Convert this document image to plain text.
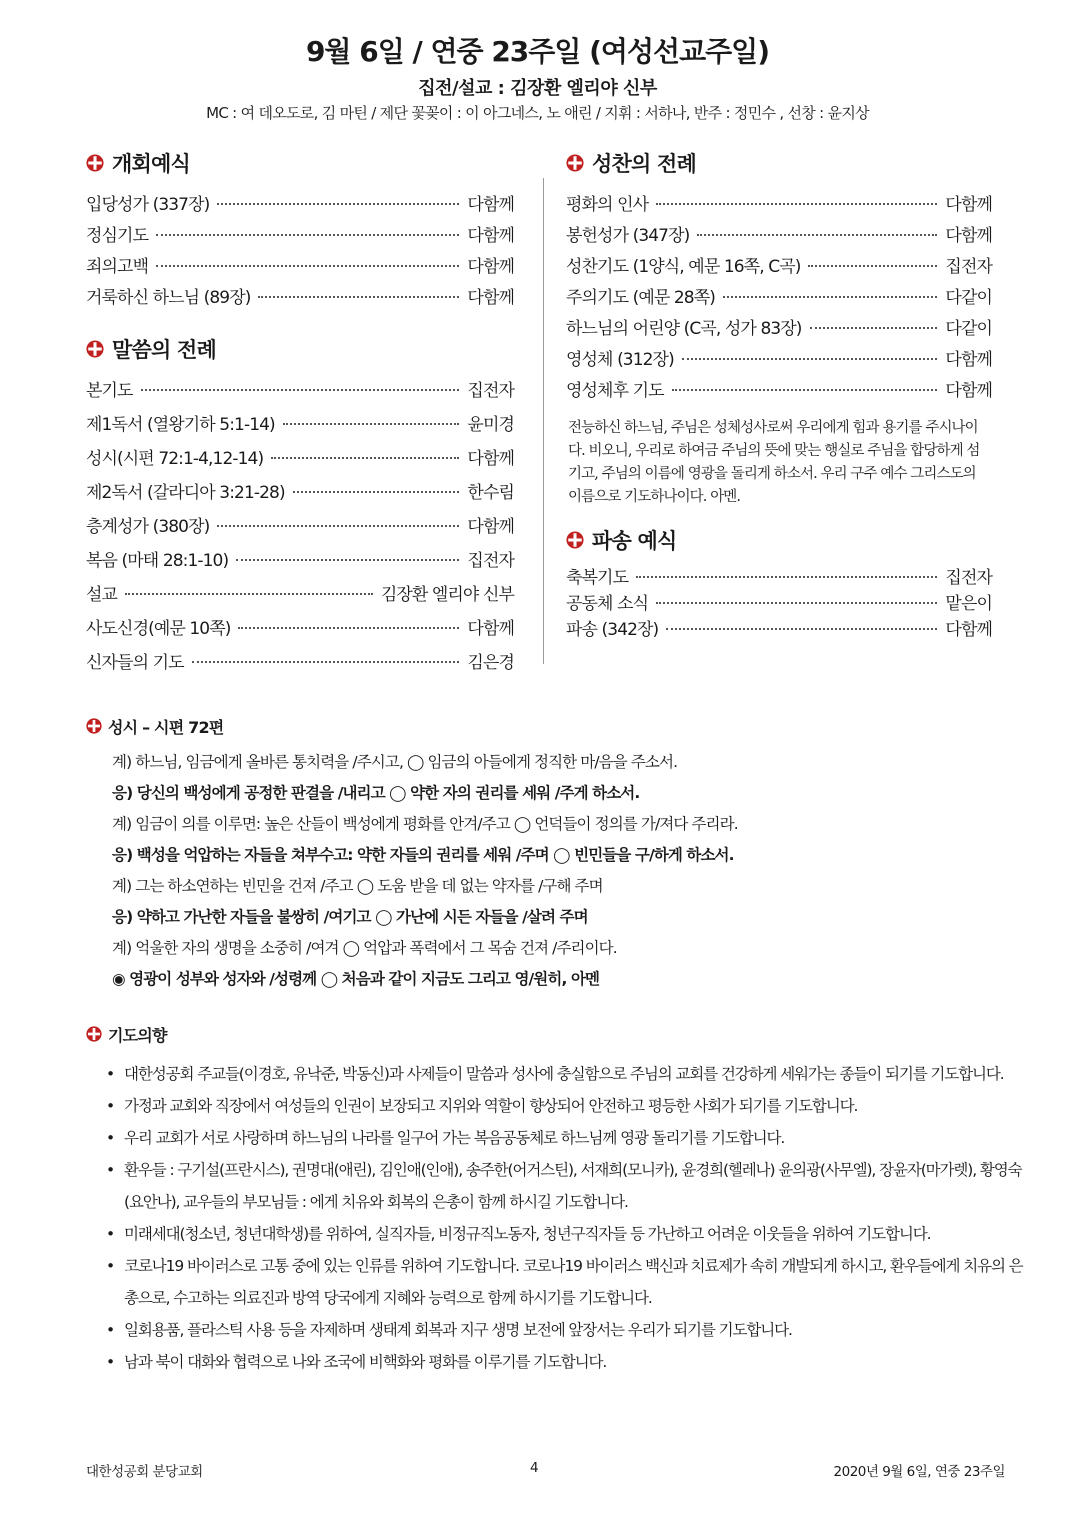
9월 6일 / 연중 23주일 (여성선교주일)
집전/설교 : 김장환 엘리야 신부
MC : 여 데오도로, 김 마틴 / 제단 꽃꽂이 : 이 아그네스, 노 애린 / 지휘 : 서하나, 반주 : 정민수 , 선창 : 윤지상
개회예식
입당성가 (337장)	다함께
정심기도	다함께
죄의고백	다함께
거룩하신 하느님 (89장)	다함께
말씀의 전례
본기도	집전자
제1독서 (열왕기하 5:1-14)	윤미경
성시(시편 72:1-4,12-14)	다함께
제2독서 (갈라디아 3:21-28)	한수림
층계성가 (380장)	다함께
복음 (마태 28:1-10)	집전자
설교	김장환 엘리야 신부
사도신경(예문 10쪽)	다함께
신자들의 기도	김은경
성찬의 전례
평화의 인사	다함께
봉헌성가 (347장)	다함께
성찬기도 (1양식, 예문 16쪽, C곡)	집전자
주의기도 (예문 28쪽)	다같이
하느님의 어린양 (C곡, 성가 83장)	다같이
영성체 (312장)	다함께
영성체후 기도	다함께
전능하신 하느님, 주님은 성체성사로써 우리에게 힘과 용기를 주시나이다. 비오니, 우리로 하여금 주님의 뜻에 맞는 행실로 주님을 합당하게 섬기고, 주님의 이름에 영광을 돌리게 하소서. 우리 구주 예수 그리스도의 이름으로 기도하나이다. 아멘.
파송 예식
축복기도	집전자
공동체 소식	맡은이
파송 (342장)	다함께
성시 – 시편 72편
계) 하느님, 임금에게 올바른 통치력을 /주시고, ◯ 임금의 아들에게 정직한 마/음을 주소서.
응) 당신의 백성에게 공정한 판결을 /내리고 ◯ 약한 자의 권리를 세워 /주게 하소서.
계) 임금이 의를 이루면: 높은 산들이 백성에게 평화를 안겨/주고 ◯ 언덕들이 정의를 가/져다 주리라.
응) 백성을 억압하는 자들을 쳐부수고: 약한 자들의 권리를 세워 /주며 ◯ 빈민들을 구/하게 하소서.
계) 그는 하소연하는 빈민을 건져 /주고 ◯ 도움 받을 데 없는 약자를 /구해 주며
응) 약하고 가난한 자들을 불쌍히 /여기고 ◯ 가난에 시든 자들을 /살려 주며
계) 억울한 자의 생명을 소중히 /여겨 ◯ 억압과 폭력에서 그 목숨 건져 /주리이다.
◉ 영광이 성부와 성자와 /성령께 ◯ 처음과 같이 지금도 그리고 영/원히, 아멘
기도의향
• 대한성공회 주교들(이경호, 유낙준, 박동신)과 사제들이 말씀과 성사에 충실함으로 주님의 교회를 건강하게 세워가는 종들이 되기를 기도합니다.
• 가정과 교회와 직장에서 여성들의 인권이 보장되고 지위와 역할이 향상되어 안전하고 평등한 사회가 되기를 기도합니다.
• 우리 교회가 서로 사랑하며 하느님의 나라를 일구어 가는 복음공동체로 하느님께 영광 돌리기를 기도합니다.
• 환우들 : 구기설(프란시스), 권명대(애린), 김인애(인애), 송주한(어거스틴), 서재희(모니카), 윤경희(헬레나) 윤의광(사무엘), 장윤자(마가렛), 황영숙(요안나), 교우들의 부모님들 : 에게 치유와 회복의 은총이 함께 하시길 기도합니다.
• 미래세대(청소년, 청년대학생)를 위하여, 실직자들, 비정규직노동자, 청년구직자들 등 가난하고 어려운 이웃들을 위하여 기도합니다.
• 코로나19 바이러스로 고통 중에 있는 인류를 위하여 기도합니다. 코로나19 바이러스 백신과 치료제가 속히 개발되게 하시고, 환우들에게 치유의 은총으로, 수고하는 의료진과 방역 당국에게 지혜와 능력으로 함께 하시기를 기도합니다.
• 일회용품, 플라스틱 사용 등을 자제하며 생태계 회복과 지구 생명 보전에 앞장서는 우리가 되기를 기도합니다.
• 남과 북이 대화와 협력으로 나와 조국에 비핵화와 평화를 이루기를 기도합니다.
대한성공회 분당교회	4	2020년 9월 6일, 연중 23주일
